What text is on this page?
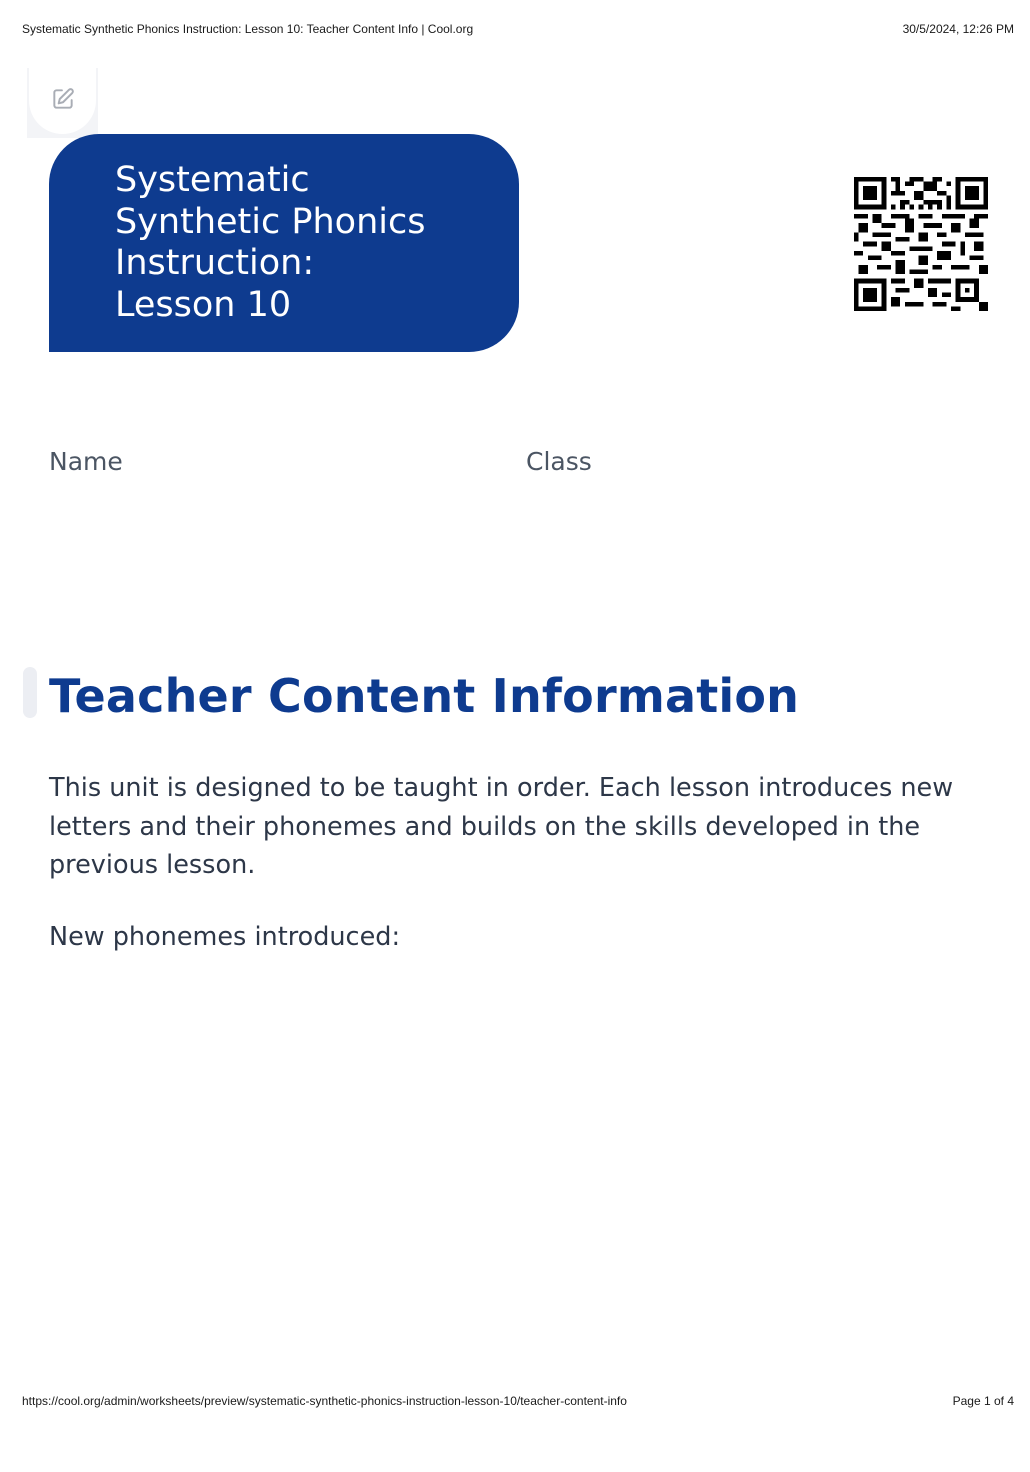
Systematic Synthetic Phonics Instruction: Lesson 10: Teacher Content Info | Cool.org	30/5/2024, 12:26 PM
Systematic
Synthetic Phonics
Instruction:
Lesson 10
Name	Class
Teacher Content Information

This unit is designed to be taught in order. Each lesson introduces new letters and their phonemes and builds on the skills developed in the previous lesson.

New phonemes introduced:

https://cool.org/admin/worksheets/preview/systematic-synthetic-phonics-instruction-lesson-10/teacher-content-info	Page 1 of 4
